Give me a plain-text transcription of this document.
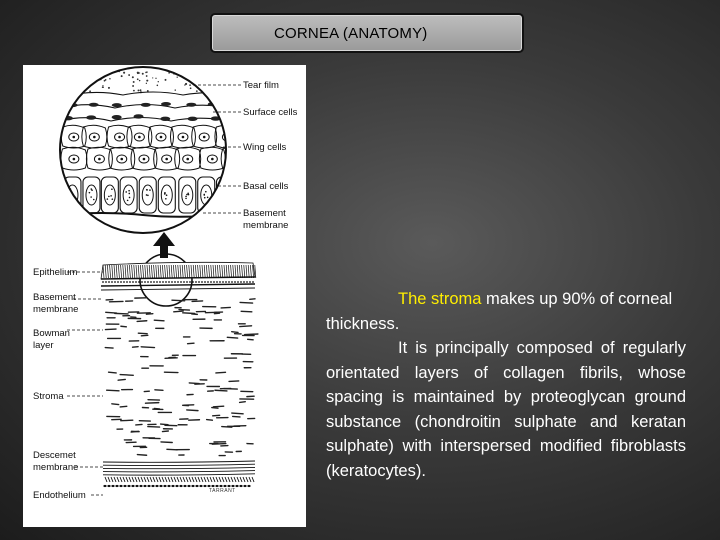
CORNEA (ANATOMY)
Tear film
Surface cells
Wing cells
Basal cells
Basement
membrane
Epithelium
Basement
membrane
Bowman
layer
Stroma
Descemet
membrane
Endothelium	TARRANT

The stroma makes up 90% of corneal thickness.

It is principally composed of regularly orientated layers of collagen fibrils, whose spacing is maintained by proteoglycan ground substance (chondroitin sulphate and keratan sulphate) with interspersed modified fibroblasts (keratocytes).
